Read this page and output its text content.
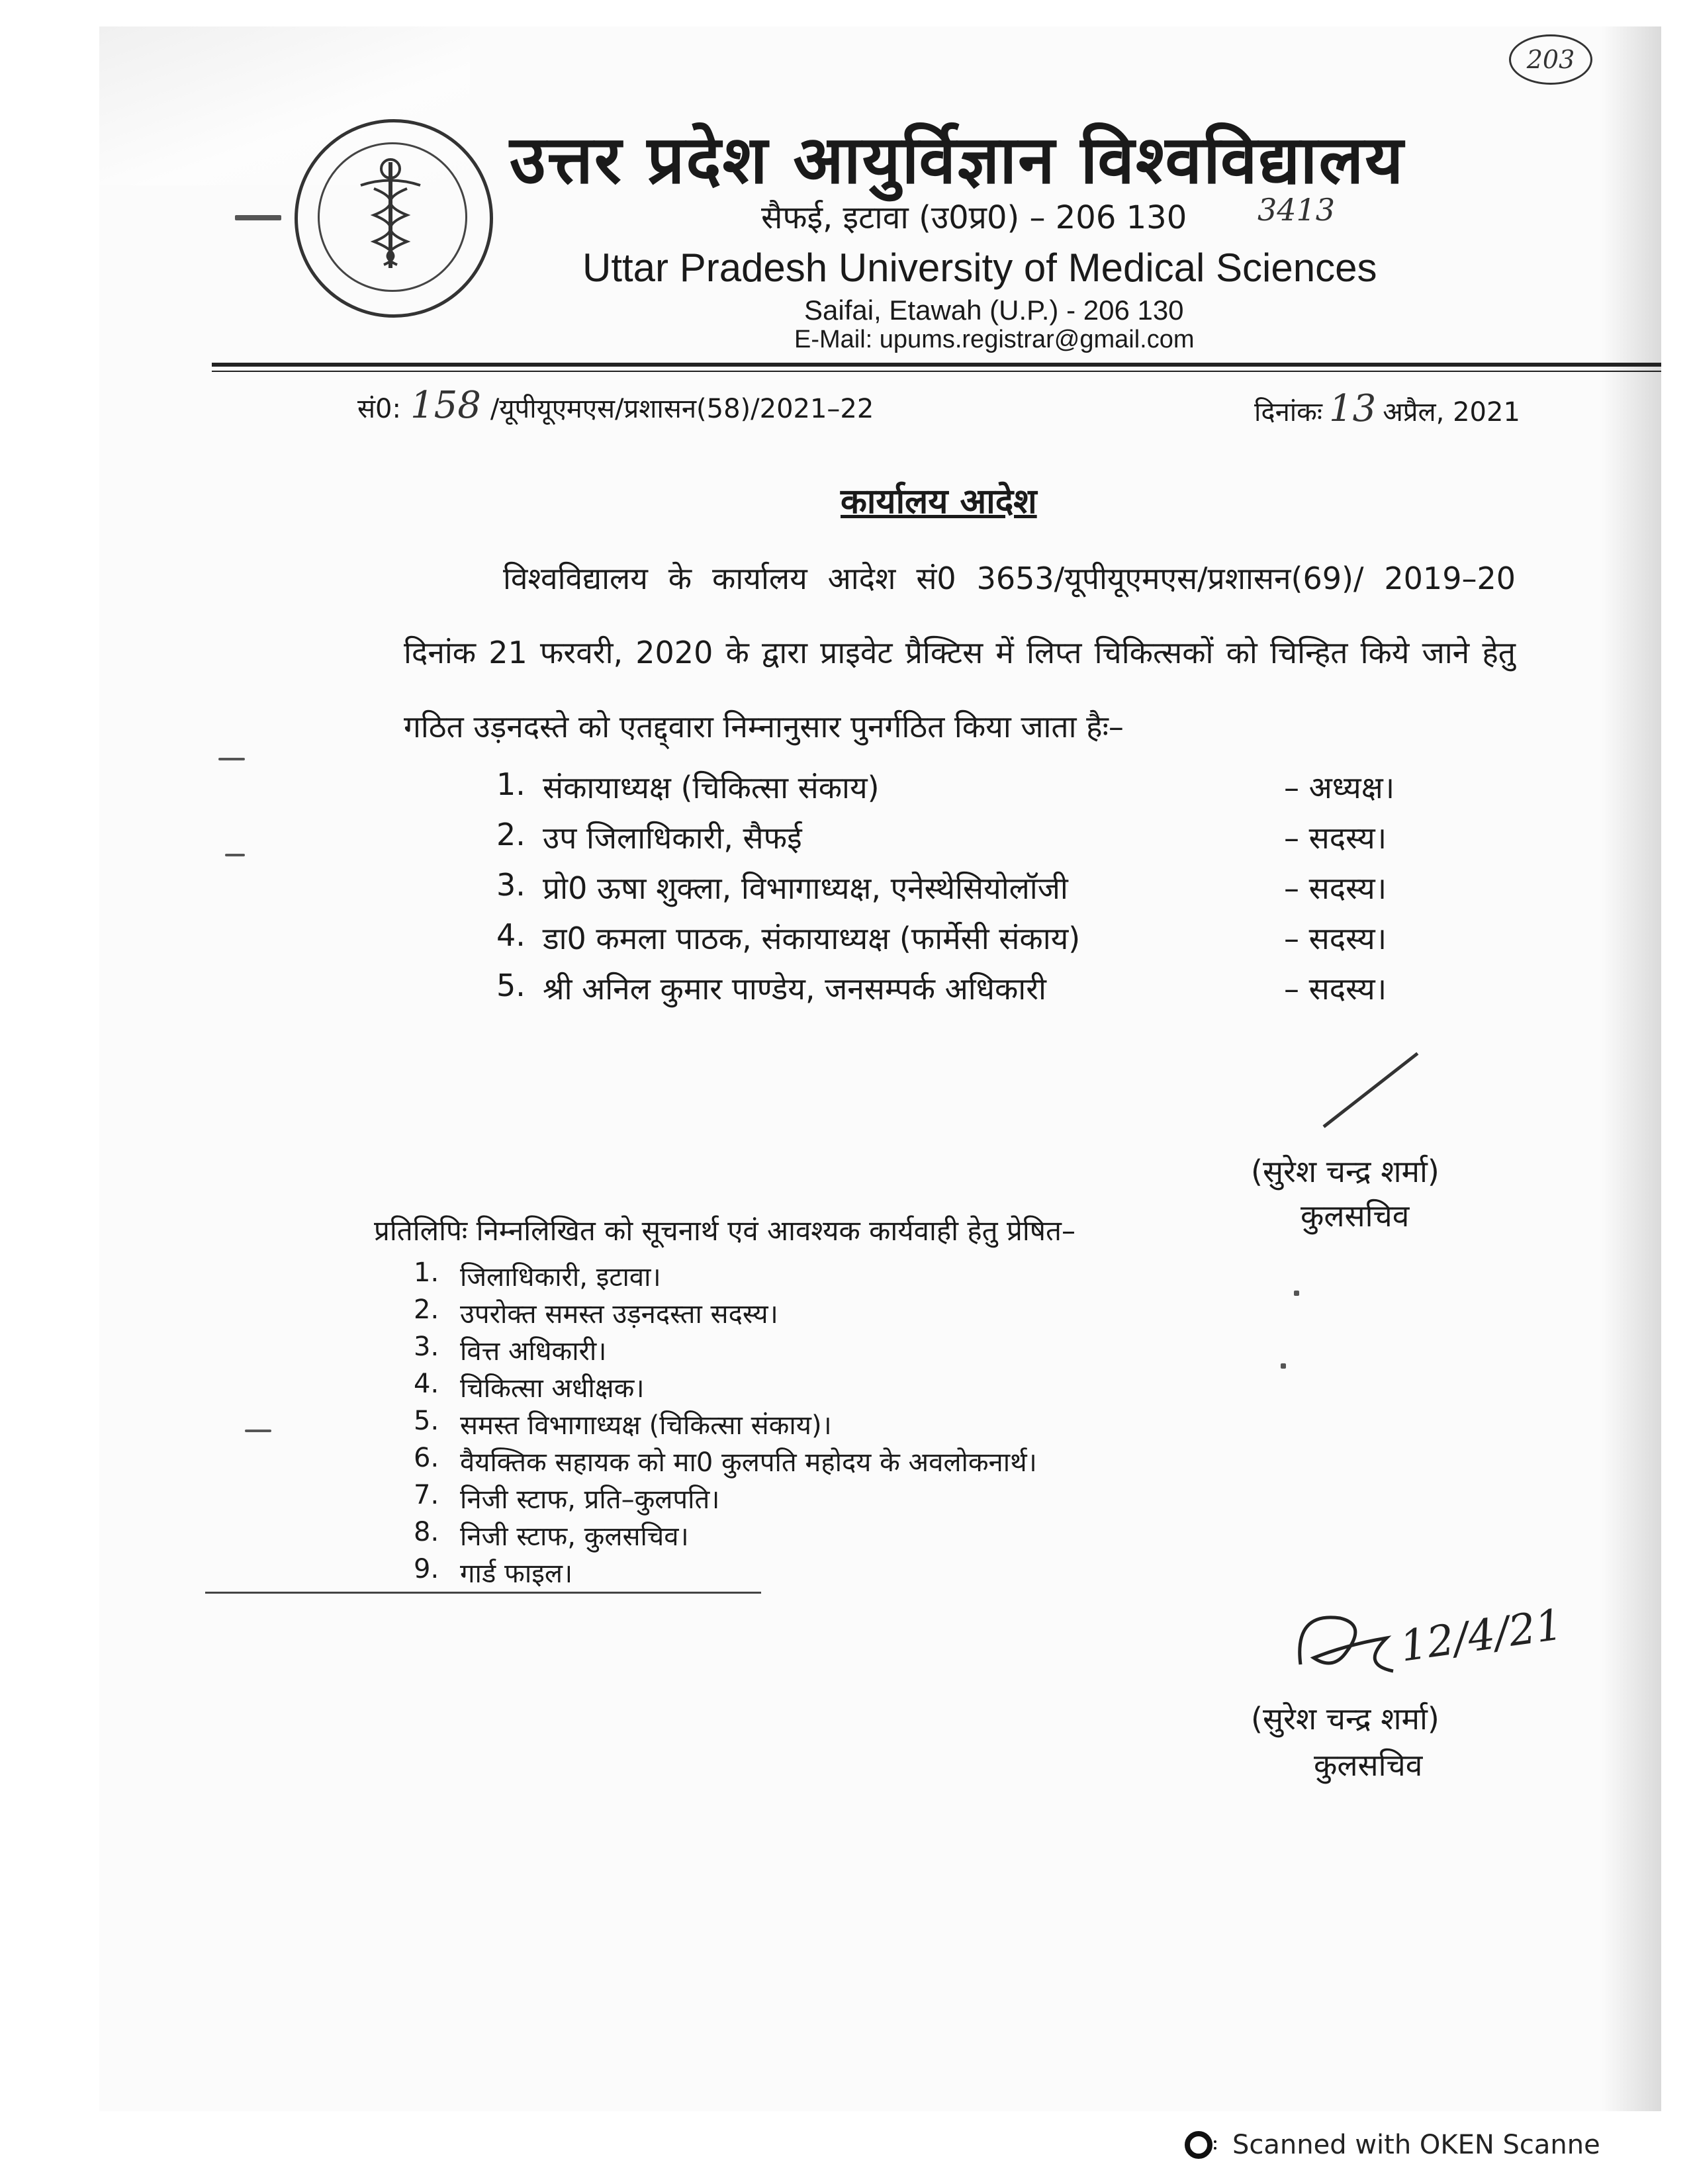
203
उत्तर प्रदेश आयुर्विज्ञान विश्वविद्यालय
सैफई, इटावा (उ0प्र0) – 206 130 3413
Uttar Pradesh University of Medical Sciences
Saifai, Etawah (U.P.) - 206 130
E-Mail: upums.registrar@gmail.com
सं0: 158 /यूपीयूएमएस/प्रशासन(58)/2021–22	दिनांकः 13 अप्रैल, 2021
कार्यालय आदेश
विश्वविद्यालय के कार्यालय आदेश सं0 3653/यूपीयूएमएस/प्रशासन(69)/ 2019–20 दिनांक 21 फरवरी, 2020 के द्वारा प्राइवेट प्रैक्टिस में लिप्त चिकित्सकों को चिन्हित किये जाने हेतु गठित उड़नदस्ते को एतद्द्वारा निम्नानुसार पुनर्गठित किया जाता हैः–
1. संकायाध्यक्ष (चिकित्सा संकाय)	– अध्यक्ष।
2. उप जिलाधिकारी, सैफई	– सदस्य।
3. प्रो0 ऊषा शुक्ला, विभागाध्यक्ष, एनेस्थेसियोलॉजी	– सदस्य।
4. डा0 कमला पाठक, संकायाध्यक्ष (फार्मेसी संकाय)	– सदस्य।
5. श्री अनिल कुमार पाण्डेय, जनसम्पर्क अधिकारी	– सदस्य।
(सुरेश चन्द्र शर्मा)
कुलसचिव
प्रतिलिपिः निम्नलिखित को सूचनार्थ एवं आवश्यक कार्यवाही हेतु प्रेषित–
1. जिलाधिकारी, इटावा।
2. उपरोक्त समस्त उड़नदस्ता सदस्य।
3. वित्त अधिकारी।
4. चिकित्सा अधीक्षक।
5. समस्त विभागाध्यक्ष (चिकित्सा संकाय)।
6. वैयक्तिक सहायक को मा0 कुलपति महोदय के अवलोकनार्थ।
7. निजी स्टाफ, प्रति–कुलपति।
8. निजी स्टाफ, कुलसचिव।
9. गार्ड फाइल।
12/4/21
(सुरेश चन्द्र शर्मा)
कुलसचिव
Scanned with OKEN Scanne
